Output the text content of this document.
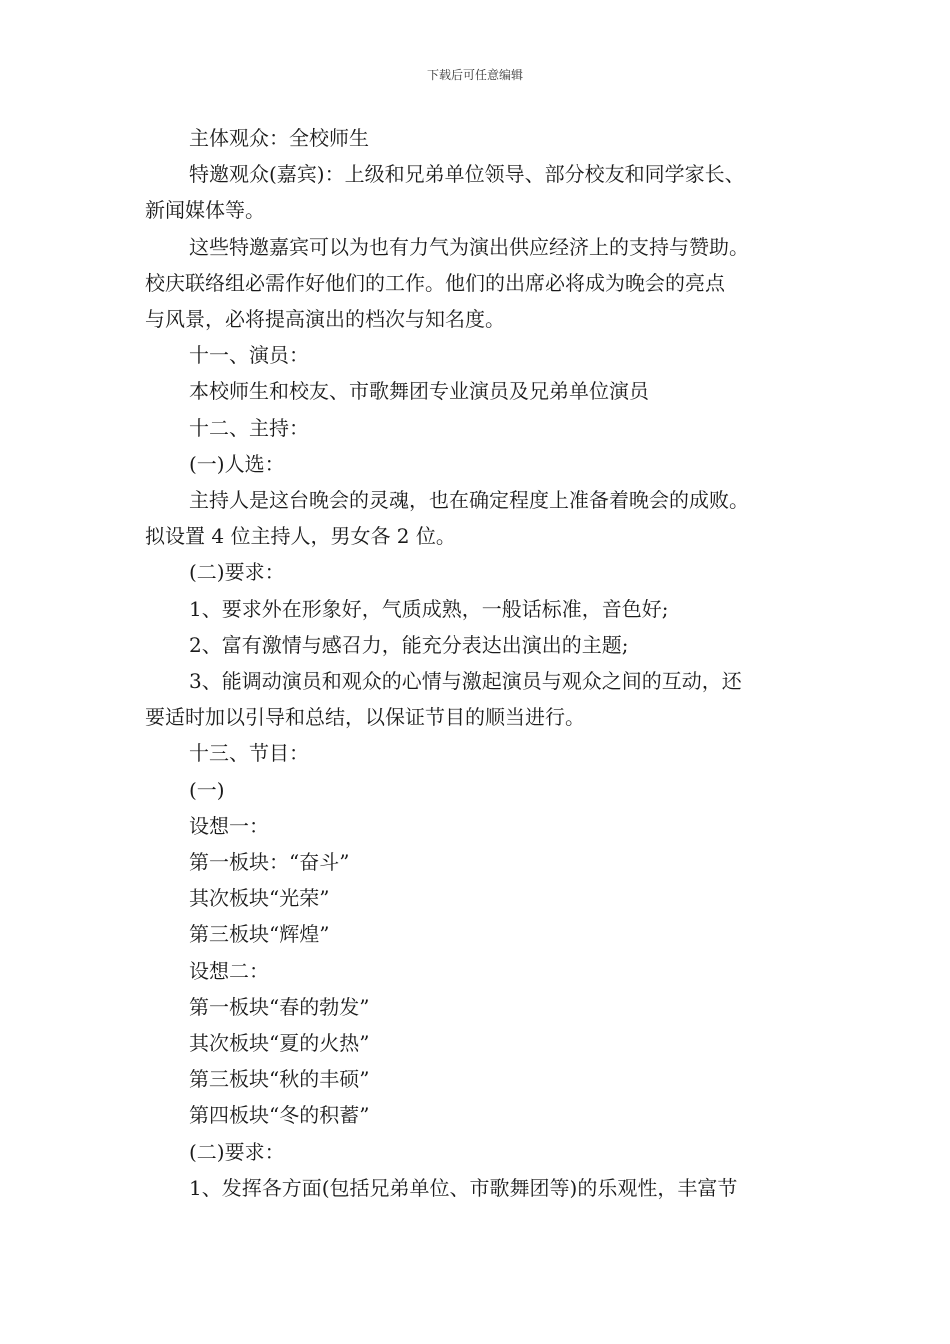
下载后可任意编辑

主体观众：全校师生

特邀观众(嘉宾)：上级和兄弟单位领导、部分校友和同学家长、

新闻媒体等。

这些特邀嘉宾可以为也有力气为演出供应经济上的支持与赞助。

校庆联络组必需作好他们的工作。他们的出席必将成为晚会的亮点

与风景，必将提高演出的档次与知名度。

十一、演员：

本校师生和校友、市歌舞团专业演员及兄弟单位演员

十二、主持：

(一)人选：

主持人是这台晚会的灵魂，也在确定程度上准备着晚会的成败。

拟设置 4 位主持人，男女各 2 位。

(二)要求：

1、要求外在形象好，气质成熟，一般话标准，音色好;

2、富有激情与感召力，能充分表达出演出的主题;

3、能调动演员和观众的心情与激起演员与观众之间的互动，还

要适时加以引导和总结，以保证节目的顺当进行。

十三、节目：

(一)

设想一：

第一板块：“奋斗”

其次板块“光荣”

第三板块“辉煌”

设想二：

第一板块“春的勃发”

其次板块“夏的火热”

第三板块“秋的丰硕”

第四板块“冬的积蓄”

(二)要求：

1、发挥各方面(包括兄弟单位、市歌舞团等)的乐观性，丰富节
